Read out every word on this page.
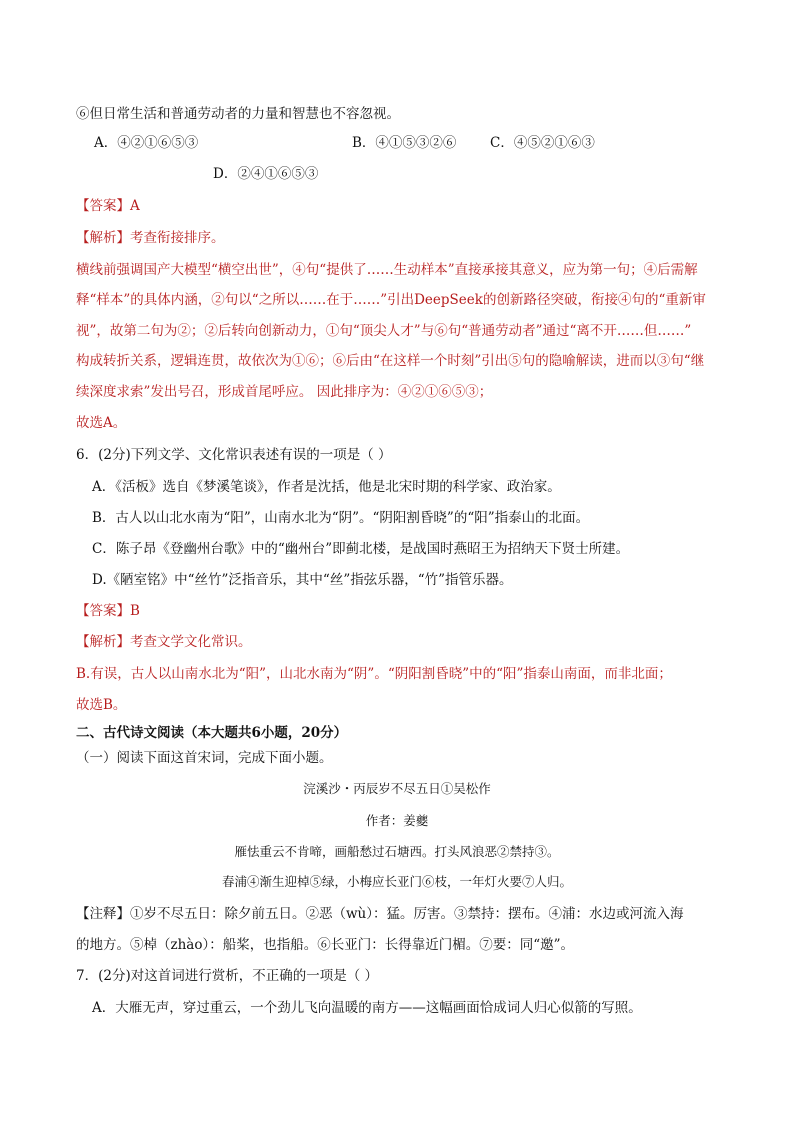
⑥但日常生活和普通劳动者的力量和智慧也不容忽视。
A．④②①⑥⑤③	B．④①⑤③②⑥ C．④⑤②①⑥③
D．②④①⑥⑤③
【答案】A
【解析】考查衔接排序。
横线前强调国产大模型“横空出世”，④句“提供了……生动样本”直接承接其意义，应为第一句；④后需解
释“样本”的具体内涵，②句以“之所以……在于……”引出DeepSeek的创新路径突破，衔接④句的“重新审
视”，故第二句为②；②后转向创新动力，①句“顶尖人才”与⑥句“普通劳动者”通过“离不开……但……”
构成转折关系，逻辑连贯，故依次为①⑥；⑥后由“在这样一个时刻”引出⑤句的隐喻解读，进而以③句“继
续深度求索”发出号召，形成首尾呼应。 因此排序为：④②①⑥⑤③；
故选A。
6．(2分)下列文学、文化常识表述有误的一项是（ ）
A．《活板》选自《梦溪笔谈》，作者是沈括，他是北宋时期的科学家、政治家。
B．古人以山北水南为“阳”，山南水北为“阴”。“阴阳割昏晓”的“阳”指泰山的北面。
C．陈子昂《登幽州台歌》中的“幽州台”即蓟北楼，是战国时燕昭王为招纳天下贤士所建。
D.《陋室铭》中“丝竹”泛指音乐，其中“丝”指弦乐器，“竹”指管乐器。
【答案】B
【解析】考查文学文化常识。
B.有误，古人以山南水北为“阳”，山北水南为“阴”。“阴阳割昏晓”中的“阳”指泰山南面，而非北面；
故选B。
二、古代诗文阅读（本大题共6小题，20分）
（一）阅读下面这首宋词，完成下面小题。
浣溪沙・丙辰岁不尽五日①吴松作
作者：姜夔
雁怯重云不肯啼，画船愁过石塘西。打头风浪恶②禁持③。
春浦④渐生迎棹⑤绿，小梅应长亚门⑥枝，一年灯火要⑦人归。
【注释】①岁不尽五日：除夕前五日。②恶（wù）：猛。厉害。③禁持：摆布。④浦：水边或河流入海
的地方。⑤棹（zhào）：船桨，也指船。⑥长亚门：长得靠近门楣。⑦要：同“邀”。
7．(2分)对这首词进行赏析，不正确的一项是（ ）
A．大雁无声，穿过重云，一个劲儿飞向温暖的南方——这幅画面恰成词人归心似箭的写照。
